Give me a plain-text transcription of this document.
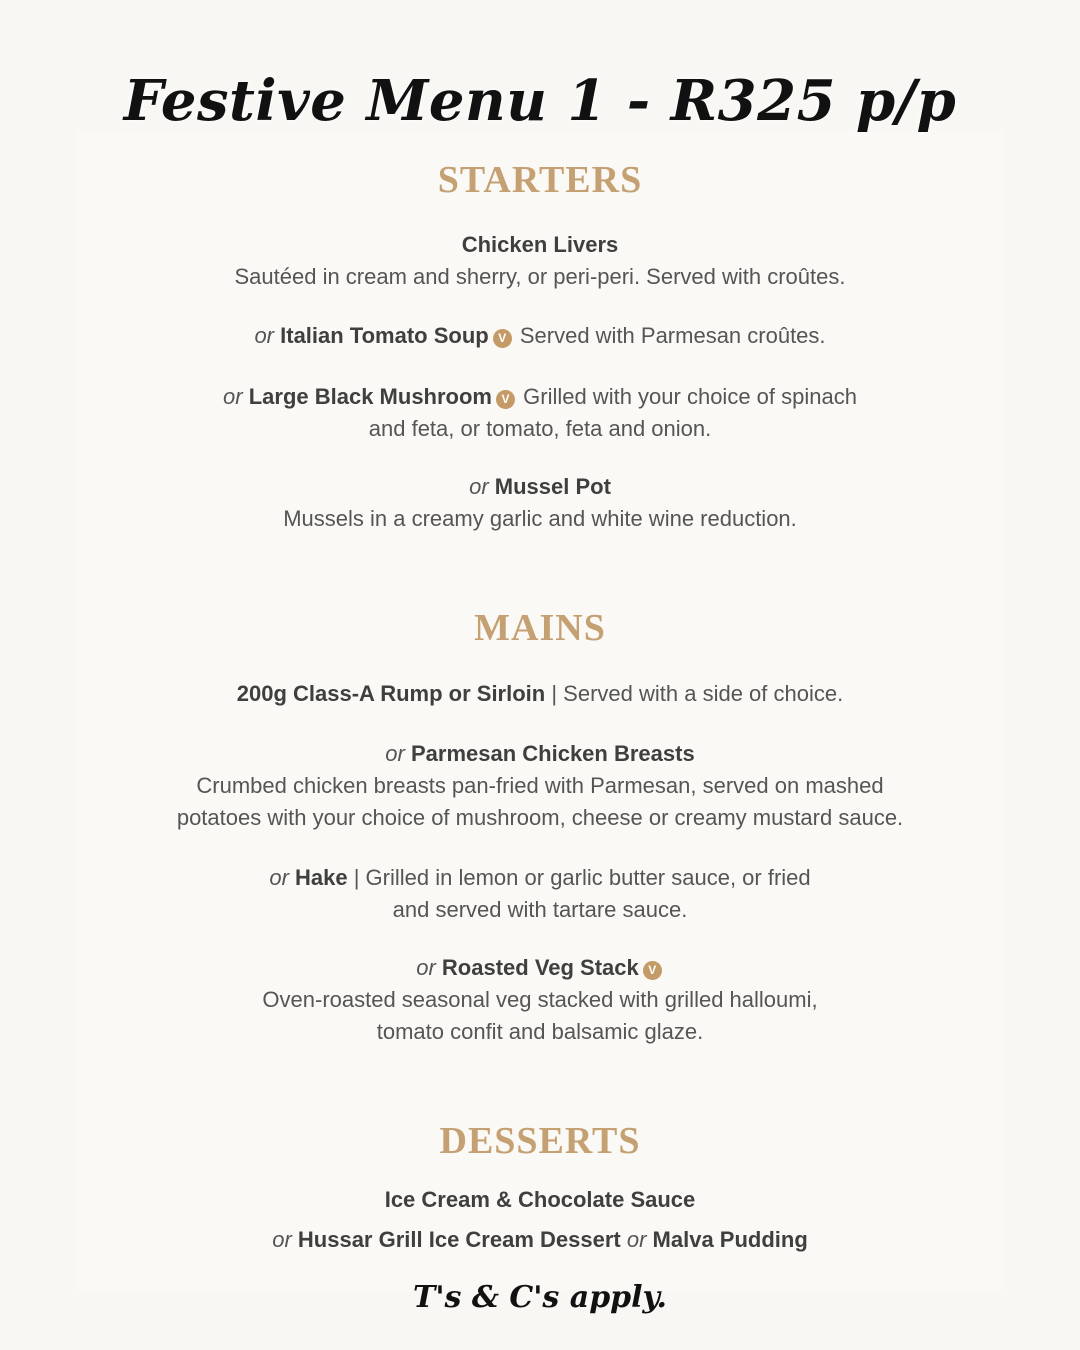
Festive Menu 1 - R325 p/p
STARTERS
Chicken Livers
Sautéed in cream and sherry, or peri-peri. Served with croûtes.
or Italian Tomato Soup V Served with Parmesan croûtes.
or Large Black Mushroom V Grilled with your choice of spinach
and feta, or tomato, feta and onion.
or Mussel Pot
Mussels in a creamy garlic and white wine reduction.
MAINS
200g Class-A Rump or Sirloin | Served with a side of choice.
or Parmesan Chicken Breasts
Crumbed chicken breasts pan-fried with Parmesan, served on mashed
potatoes with your choice of mushroom, cheese or creamy mustard sauce.
or Hake | Grilled in lemon or garlic butter sauce, or fried
and served with tartare sauce.
or Roasted Veg Stack V
Oven-roasted seasonal veg stacked with grilled halloumi,
tomato confit and balsamic glaze.
DESSERTS
Ice Cream & Chocolate Sauce
or Hussar Grill Ice Cream Dessert or Malva Pudding
T's & C's apply.
